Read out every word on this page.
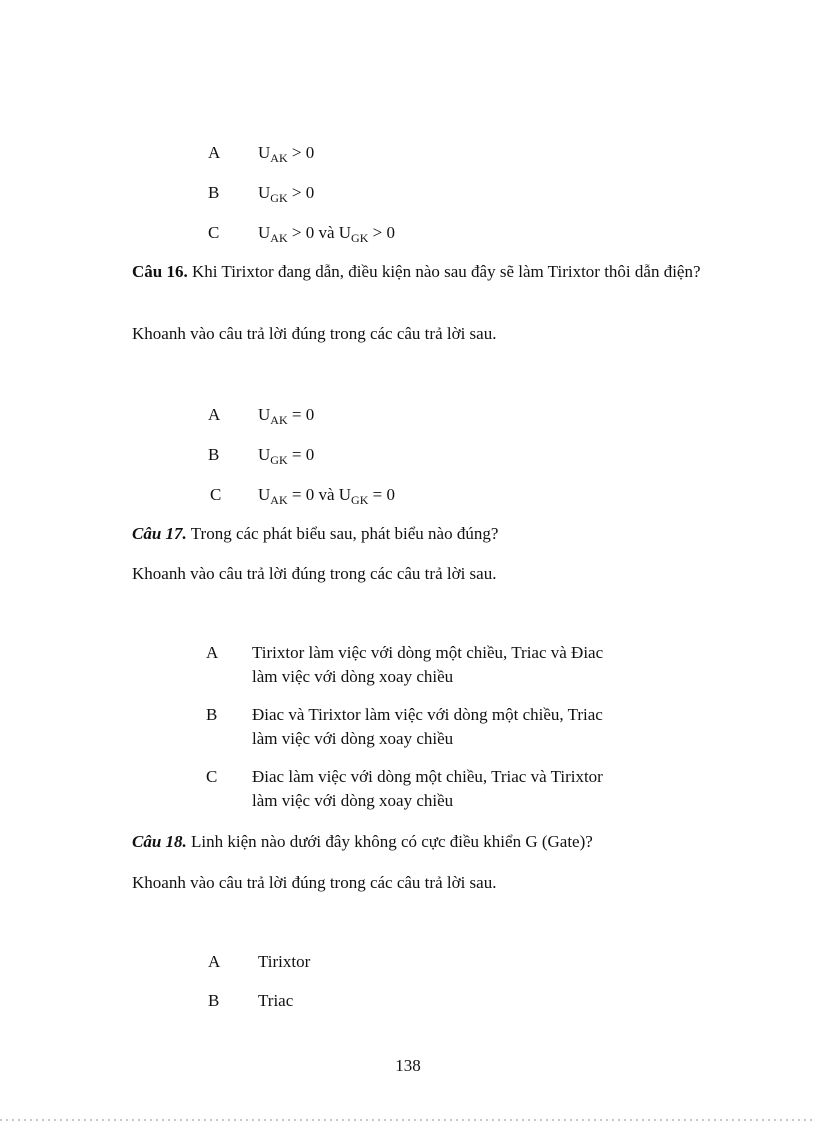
A $U_{AK} > 0$
B $U_{GK} > 0$
C $U_{AK} > 0$ và $U_{GK} > 0$
Câu 16. Khi Tirixtor đang dẫn, điều kiện nào sau đây sẽ làm Tirixtor thôi dẫn điện?
Khoanh vào câu trả lời đúng trong các câu trả lời sau.
A $U_{AK} = 0$
B $U_{GK} = 0$
C $U_{AK} = 0$ và $U_{GK} = 0$
Câu 17. Trong các phát biểu sau, phát biểu nào đúng?
Khoanh vào câu trả lời đúng trong các câu trả lời sau.
A Tirixtor làm việc với dòng một chiều, Triac và Điac
làm việc với dòng xoay chiều
B Điac và Tirixtor làm việc với dòng một chiều, Triac
làm việc với dòng xoay chiều
C Điac làm việc với dòng một chiều, Triac và Tirixtor
làm việc với dòng xoay chiều
Câu 18. Linh kiện nào dưới đây không có cực điều khiển G (Gate)?
Khoanh vào câu trả lời đúng trong các câu trả lời sau.
A Tirixtor
B Triac
138
